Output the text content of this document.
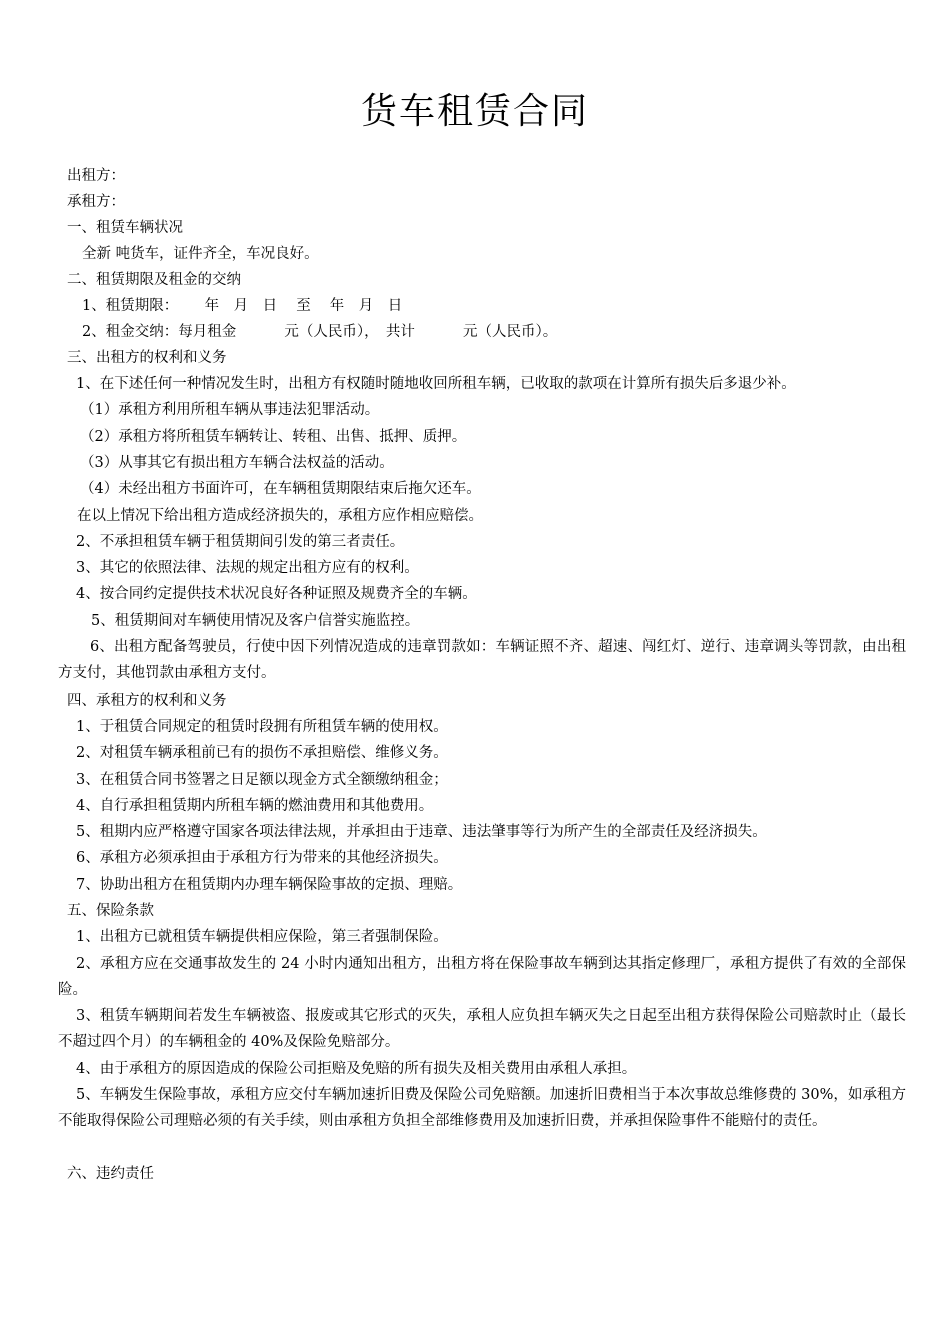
货车租赁合同

出租方：

承租方：

一、租赁车辆状况

全新 吨货车，证件齐全，车况良好。

二、租赁期限及租金的交纳

1、租赁期限：　　 年　月　日　 至　 年　月　日

2、租金交纳：每月租金　　　 元（人民币），　共计　　　 元（人民币）。

三、出租方的权利和义务

1、在下述任何一种情况发生时，出租方有权随时随地收回所租车辆，已收取的款项在计算所有损失后多退少补。

（1）承租方利用所租车辆从事违法犯罪活动。

（2）承租方将所租赁车辆转让、转租、出售、抵押、质押。

（3）从事其它有损出租方车辆合法权益的活动。

（4）未经出租方书面许可，在车辆租赁期限结束后拖欠还车。

在以上情况下给出租方造成经济损失的，承租方应作相应赔偿。

2、不承担租赁车辆于租赁期间引发的第三者责任。

3、其它的依照法律、法规的规定出租方应有的权利。

4、按合同约定提供技术状况良好各种证照及规费齐全的车辆。

5、租赁期间对车辆使用情况及客户信誉实施监控。

6、出租方配备驾驶员，行使中因下列情况造成的违章罚款如：车辆证照不齐、超速、闯红灯、逆行、违章调头等罚款，由出租方支付，其他罚款由承租方支付。

四、承租方的权利和义务

1、于租赁合同规定的租赁时段拥有所租赁车辆的使用权。

2、对租赁车辆承租前已有的损伤不承担赔偿、维修义务。

3、在租赁合同书签署之日足额以现金方式全额缴纳租金；

4、自行承担租赁期内所租车辆的燃油费用和其他费用。

5、租期内应严格遵守国家各项法律法规，并承担由于违章、违法肇事等行为所产生的全部责任及经济损失。

6、承租方必须承担由于承租方行为带来的其他经济损失。

7、协助出租方在租赁期内办理车辆保险事故的定损、理赔。

五、保险条款

1、出租方已就租赁车辆提供相应保险，第三者强制保险。

2、承租方应在交通事故发生的 24 小时内通知出租方，出租方将在保险事故车辆到达其指定修理厂，承租方提供了有效的全部保险。

3、租赁车辆期间若发生车辆被盗、报废或其它形式的灭失，承租人应负担车辆灭失之日起至出租方获得保险公司赔款时止（最长不超过四个月）的车辆租金的 40%及保险免赔部分。

4、由于承租方的原因造成的保险公司拒赔及免赔的所有损失及相关费用由承租人承担。

5、车辆发生保险事故，承租方应交付车辆加速折旧费及保险公司免赔额。加速折旧费相当于本次事故总维修费的 30%，如承租方不能取得保险公司理赔必须的有关手续，则由承租方负担全部维修费用及加速折旧费，并承担保险事件不能赔付的责任。

六、违约责任
